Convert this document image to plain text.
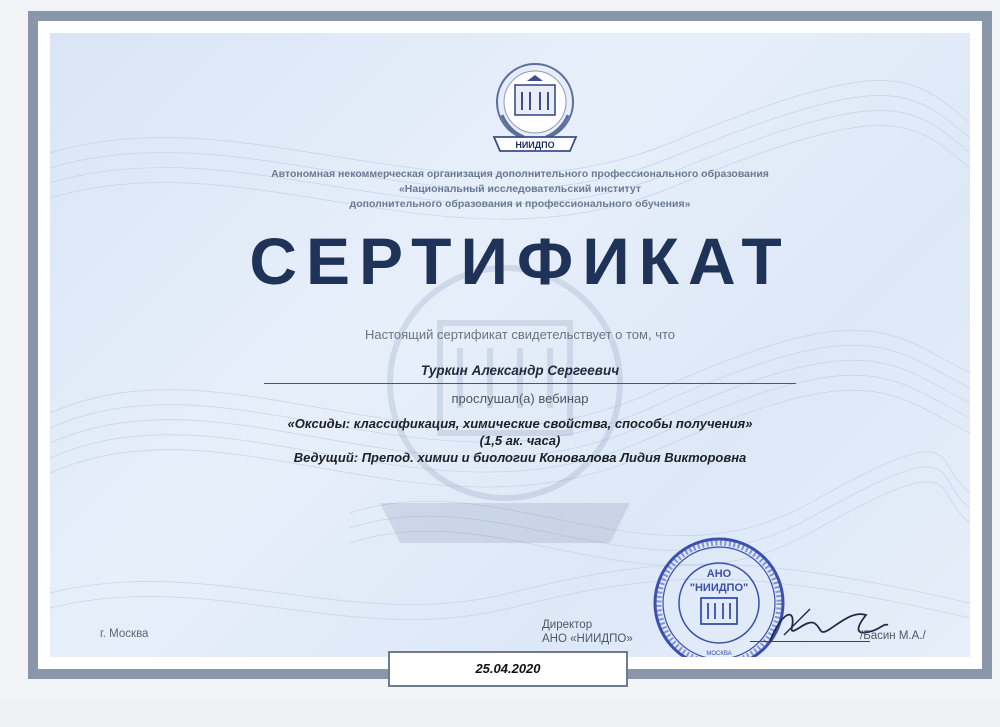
НИИДПО
Автономная некоммерческая организация дополнительного профессионального образования
«Национальный исследовательский институт
дополнительного образования и профессионального обучения»
СЕРТИФИКАТ
Настоящий сертификат свидетельствует о том, что
Туркин Александр Сергеевич
прослушал(а) вебинар
«Оксиды: классификация, химические свойства, способы получения»
(1,5 ак. часа)
Ведущий: Препод. химии и биологии Коновалова Лидия Викторовна
г. Москва
Директор
АНО «НИИДПО»
АНО
"НИИДПО"
МОСКВА
/Басин М.А./
25.04.2020
